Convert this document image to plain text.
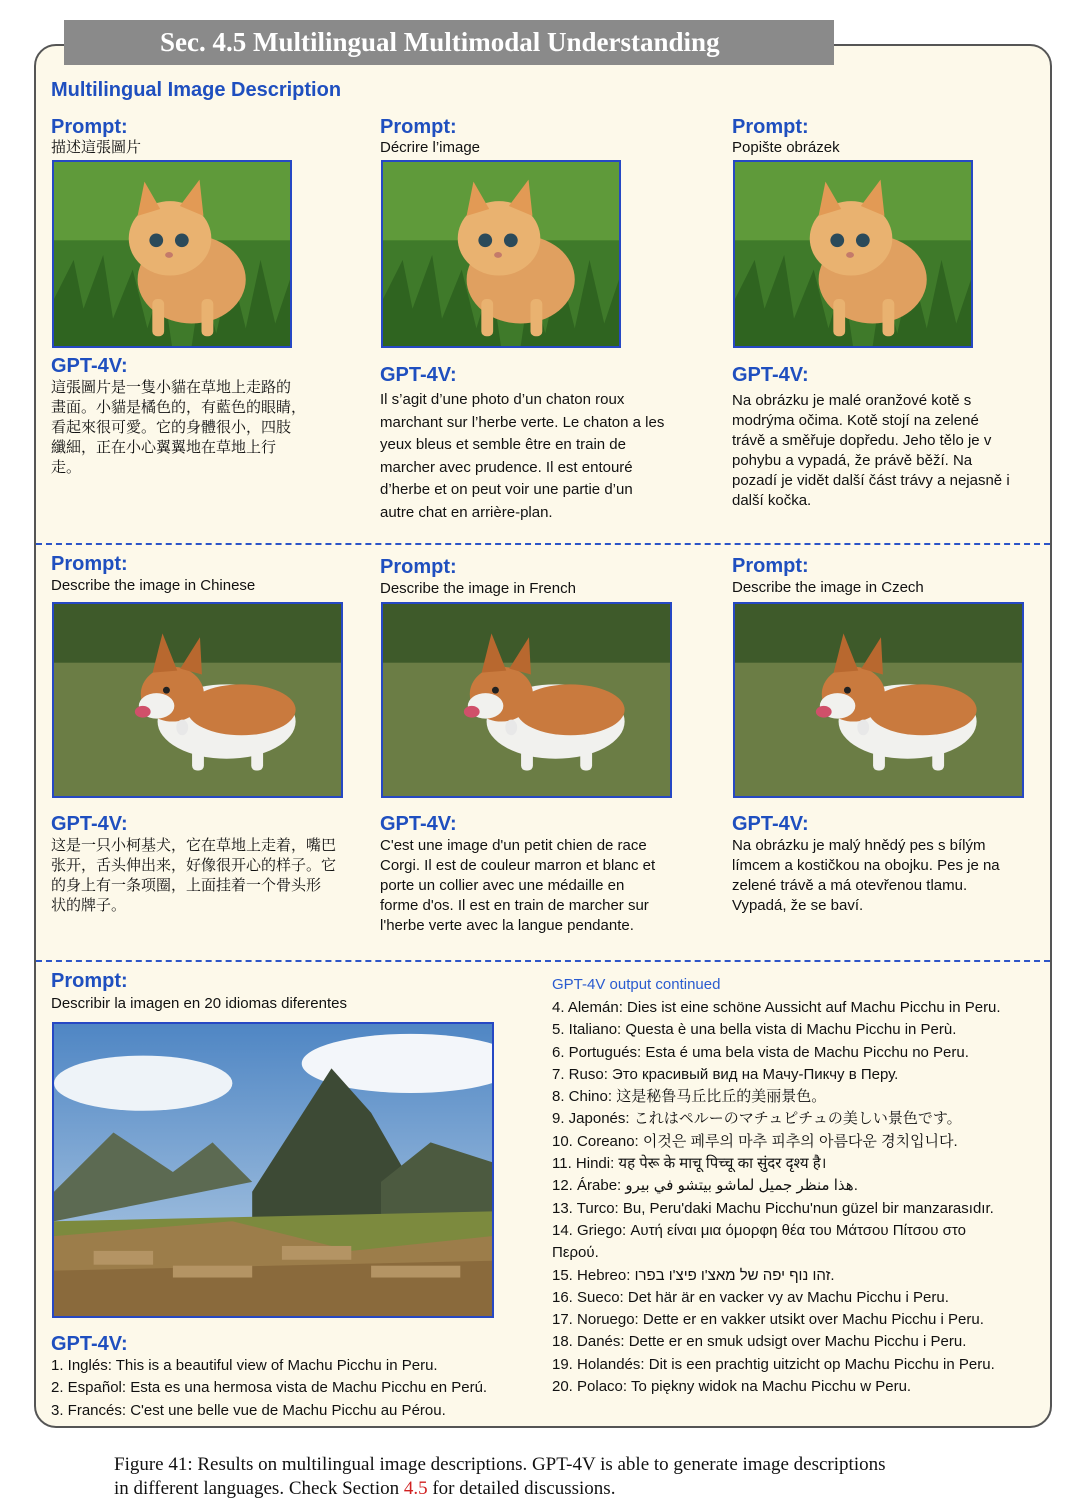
Sec. 4.5 Multilingual Multimodal Understanding
Multilingual Image Description
Prompt:
描述這張圖片
GPT-4V:
這張圖片是一隻小貓在草地上走路的
畫面。小貓是橘色的，有藍色的眼睛，
看起來很可愛。它的身體很小，四肢
纖細，正在小心翼翼地在草地上行
走。
Prompt:
Décrire l’image
GPT-4V:
Il s’agit d’une photo d’un chaton roux
marchant sur l’herbe verte. Le chaton a les
yeux bleus et semble être en train de
marcher avec prudence. Il est entouré
d’herbe et on peut voir une partie d’un
autre chat en arrière-plan.
Prompt:
Popište obrázek
GPT-4V:
Na obrázku je malé oranžové kotě s
modrýma očima. Kotě stojí na zelené
trávě a směřuje dopředu. Jeho tělo je v
pohybu a vypadá, že právě běží. Na
pozadí je vidět další část trávy a nejasně i
další kočka.
Prompt:
Describe the image in Chinese
GPT-4V:
这是一只小柯基犬，它在草地上走着，嘴巴
张开，舌头伸出来，好像很开心的样子。它
的身上有一条项圈，上面挂着一个骨头形
状的牌子。
Prompt:
Describe the image in French
GPT-4V:
C'est une image d'un petit chien de race
Corgi. Il est de couleur marron et blanc et
porte un collier avec une médaille en
forme d'os. Il est en train de marcher sur
l'herbe verte avec la langue pendante.
Prompt:
Describe the image in Czech
GPT-4V:
Na obrázku je malý hnědý pes s bílým
límcem a kostičkou na obojku. Pes je na
zelené trávě a má otevřenou tlamu.
Vypadá, že se baví.
Prompt:
Describir la imagen en 20 idiomas diferentes
GPT-4V:
1. Inglés: This is a beautiful view of Machu Picchu in Peru.
2. Español: Esta es una hermosa vista de Machu Picchu en Perú.
3. Francés: C'est une belle vue de Machu Picchu au Pérou.
GPT-4V output continued
4. Alemán: Dies ist eine schöne Aussicht auf Machu Picchu in Peru.
5. Italiano: Questa è una bella vista di Machu Picchu in Perù.
6. Portugués: Esta é uma bela vista de Machu Picchu no Peru.
7. Ruso: Это красивый вид на Мачу-Пикчу в Перу.
8. Chino: 这是秘鲁马丘比丘的美丽景色。
9. Japonés: これはペルーのマチュピチュの美しい景色です。
10. Coreano: 이것은 페루의 마추 피추의 아름다운 경치입니다.
11. Hindi: यह पेरू के माचू पिच्चू का सुंदर दृश्य है।
12. Árabe: هذا منظر جميل لماشو بيتشو في بيرو.
13. Turco: Bu, Peru'daki Machu Picchu'nun güzel bir manzarasıdır.
14. Griego: Αυτή είναι μια όμορφη θέα του Μάτσου Πίτσου στο
Περού.
15. Hebreo: זהו נוף יפה של מאצ'ו פיצ'ו בפרו.
16. Sueco: Det här är en vacker vy av Machu Picchu i Peru.
17. Noruego: Dette er en vakker utsikt over Machu Picchu i Peru.
18. Danés: Dette er en smuk udsigt over Machu Picchu i Peru.
19. Holandés: Dit is een prachtig uitzicht op Machu Picchu in Peru.
20. Polaco: To piękny widok na Machu Picchu w Peru.
Figure 41: Results on multilingual image descriptions. GPT-4V is able to generate image descriptions
in different languages. Check Section 4.5 for detailed discussions.
